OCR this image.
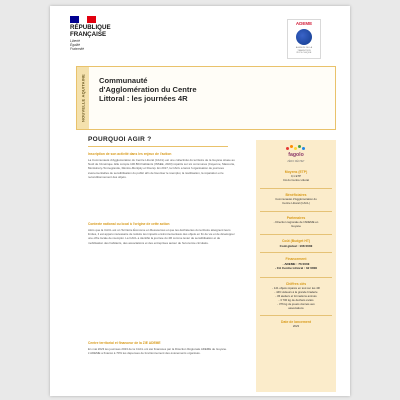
RÉPUBLIQUE
FRANÇAISE
Liberté
Égalité
Fraternité
ADEME
AGENCE DE LA TRANSITION ÉCOLOGIQUE
NOUVELLE AQUITAINE Communauté d'Agglomération du Centre Littoral : les journées 4R
POURQUOI AGIR ?
Inscription de son activité dans les enjeux de l’action
La Communauté d'Agglomération du Centre Littoral (CACL) est une collectivité du territoire de la Guyane située au Nord de l'Amérique. Elle compte 100 804 habitants (INSEE, 2023) répartis sur six communes (Cayenne, Macouria, Montsinéry-Tonnegrande, Rémire-Montjoly et Roura). En 2017, la CACL a lancé l'organisation de journées événementielles de sensibilisation du public afin de favoriser le réemploi, la réutilisation, la réparation et le reconditionnement des objets.
Contexte national ou local à l’origine de cette action
Alors que la CACL est un Territoire Économe en Ressources et que les déchèteries du territoire atteignent leurs limites, il est apparu nécessaire de réduire les impacts environnementaux des objets en fin de vie et de développer une offre locale de réemploi. La CACL a identifié la journée du 4R comme levier de sensibilisation et de mobilisation des habitants, des associations et des entreprises autour de l'économie circulaire.
Centre territorial et financeur de la ZIE ADEME
En mai 2023 les journées 2023 de la CACL ont été financées par la Direction Régionale ADEME de Guyane. L'ADEME a financé à 70% les dépenses de fonctionnement des événements organisés.
fagolo
ZÉRO DÉCHET
Moyens (ETP)
0,1 ETP
CA du Centre Littoral
Bénéficiaires
Communauté d'Agglomération du
Centre Littoral (CACL)
Partenaires
- Direction régionale de l'ADEME en
Guyane
Coût (Budget HT)
Coût global : 108 000€
Financement
- ADEME : 76 000€
- CA Centre Littoral : 32 000€
Chiffres clés
- 121 objets réparés en tout sur les 4R
- 446 visiteurs à la grande braderie
- 36 ateliers et formations animés
- 3 700 kg de déchets évités
- 376 kg de jouets donnés aux
associations
Date de lancement
2023
